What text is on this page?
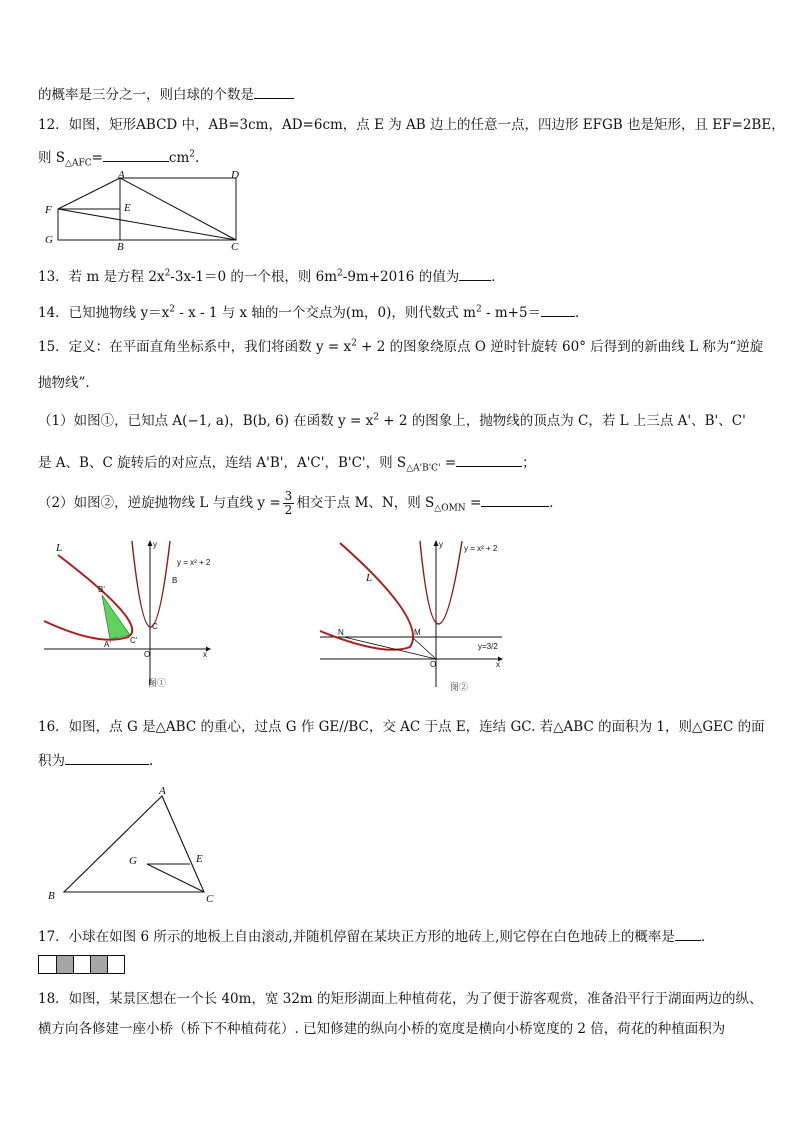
的概率是三分之一，则白球的个数是
12．如图，矩形ABCD 中，AB=3cm，AD=6cm，点 E 为 AB 边上的任意一点，四边形 EFGB 也是矩形，且 EF=2BE，
则 $S_{\triangle AFC}=$	$cm^2$.
A	D
F	E
G
B	C
13．若 m 是方程 $2x^2-3x-1=0$ 的一个根，则 $6m^2-9m+2016$ 的值为 ．
14．已知抛物线 $y=x^2 - x - 1$ 与 x 轴的一个交点为(m，0)，则代数式 $m^2 - m+5=$	．
15．定义：在平面直角坐标系中，我们将函数 $y = x^2 + 2$ 的图象绕原点 O 逆时针旋转 60° 后得到的新曲线 L 称为“逆旋
抛物线”.
（1）如图①，已知点 A(−1, a)，B(b, 6) 在函数 $y = x^2 + 2$ 的图象上，抛物线的顶点为 C，若 L 上三点 A'、B'、C'
是 A、B、C 旋转后的对应点，连结 A'B'，A'C'，B'C'，则 $S_{\triangle A'B'C'}$ =	；
（2）如图②，逆旋抛物线 L 与直线 $y = \frac{3}{2}$ 相交于点 M、N，则 $S_{\triangle OMN}$ =	．
L
B'
A' C'
C
B
O	x
y
y = x² + 2
图①
L
N	M
O	x
y	y = x² + 2
y=3/2
图②
16．如图，点 G 是△ABC 的重心，过点 G 作 GE//BC，交 AC 于点 E，连结 GC. 若△ABC 的面积为 1，则△GEC 的面
积为	.
A
G	E
B	C
17．小球在如图 6 所示的地板上自由滚动,并随机停留在某块正方形的地砖上,则它停在白色地砖上的概率是 ．
18．如图，某景区想在一个长 40m，宽 32m 的矩形湖面上种植荷花，为了便于游客观赏，准备沿平行于湖面两边的纵、
横方向各修建一座小桥（桥下不种植荷花）. 已知修建的纵向小桥的宽度是横向小桥宽度的 2 倍，荷花的种植面积为
